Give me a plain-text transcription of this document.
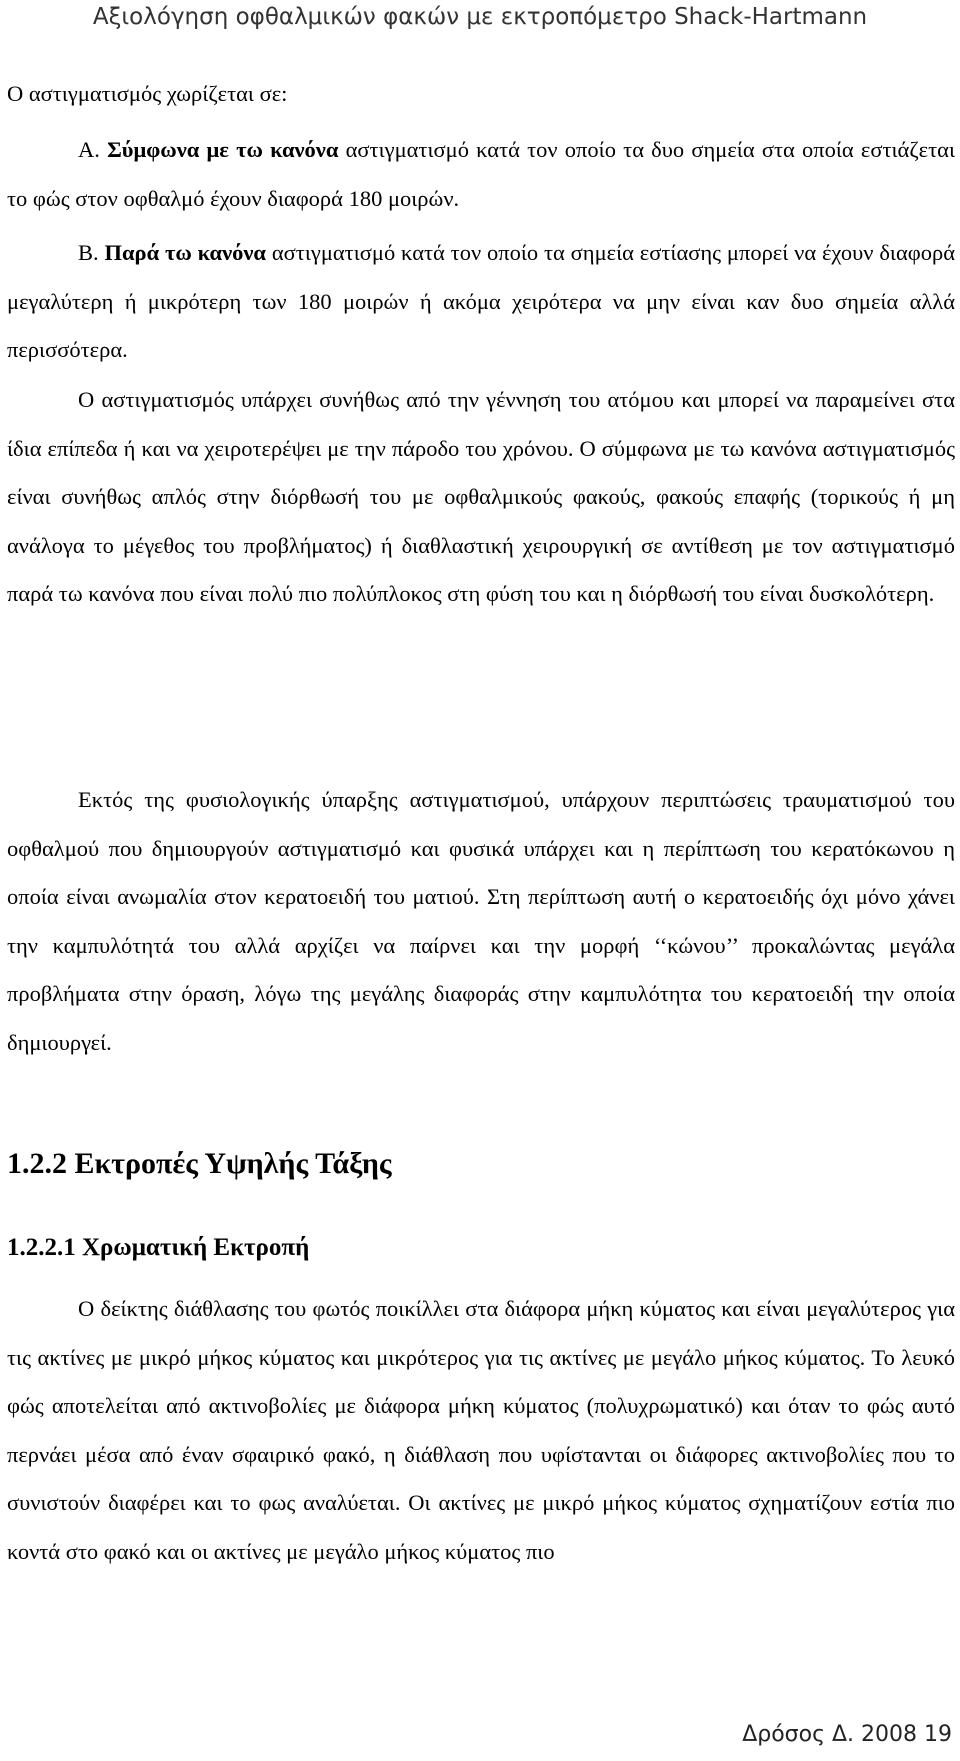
Αξιολόγηση οφθαλμικών φακών με εκτροπόμετρο Shack-Hartmann

Ο αστιγματισμός χωρίζεται σε:

Α. Σύμφωνα με τω κανόνα αστιγματισμό κατά τον οποίο τα δυο σημεία στα οποία εστιάζεται το φώς στον οφθαλμό έχουν διαφορά 180 μοιρών.

Β. Παρά τω κανόνα αστιγματισμό κατά τον οποίο τα σημεία εστίασης μπορεί να έχουν διαφορά μεγαλύτερη ή μικρότερη των 180 μοιρών ή ακόμα χειρότερα να μην είναι καν δυο σημεία αλλά περισσότερα.

Ο αστιγματισμός υπάρχει συνήθως από την γέννηση του ατόμου και μπορεί να παραμείνει στα ίδια επίπεδα ή και να χειροτερέψει με την πάροδο του χρόνου. Ο σύμφωνα με τω κανόνα αστιγματισμός είναι συνήθως απλός στην διόρθωσή του με οφθαλμικούς φακούς, φακούς επαφής (τορικούς ή μη ανάλογα το μέγεθος του προβλήματος) ή διαθλαστική χειρουργική σε αντίθεση με τον αστιγματισμό παρά τω κανόνα που είναι πολύ πιο πολύπλοκος στη φύση του και η διόρθωσή του είναι δυσκολότερη.

Εκτός της φυσιολογικής ύπαρξης αστιγματισμού, υπάρχουν περιπτώσεις τραυματισμού του οφθαλμού που δημιουργούν αστιγματισμό και φυσικά υπάρχει και η περίπτωση του κερατόκωνου η οποία είναι ανωμαλία στον κερατοειδή του ματιού. Στη περίπτωση αυτή ο κερατοειδής όχι μόνο χάνει την καμπυλότητά του αλλά αρχίζει να παίρνει και την μορφή ‘‘κώνου’’ προκαλώντας μεγάλα προβλήματα στην όραση, λόγω της μεγάλης διαφοράς στην καμπυλότητα του κερατοειδή την οποία δημιουργεί.

1.2.2 Εκτροπές Υψηλής Τάξης
1.2.2.1 Χρωματική Εκτροπή

Ο δείκτης διάθλασης του φωτός ποικίλλει στα διάφορα μήκη κύματος και είναι μεγαλύτερος για τις ακτίνες με μικρό μήκος κύματος και μικρότερος για τις ακτίνες με μεγάλο μήκος κύματος. Το λευκό φώς αποτελείται από ακτινοβολίες με διάφορα μήκη κύματος (πολυχρωματικό) και όταν το φώς αυτό περνάει μέσα από έναν σφαιρικό φακό, η διάθλαση που υφίστανται οι διάφορες ακτινοβολίες που το συνιστούν διαφέρει και το φως αναλύεται. Οι ακτίνες με μικρό μήκος κύματος σχηματίζουν εστία πιο κοντά στο φακό και οι ακτίνες με μεγάλο μήκος κύματος πιο

Δρόσος Δ. 2008 19
